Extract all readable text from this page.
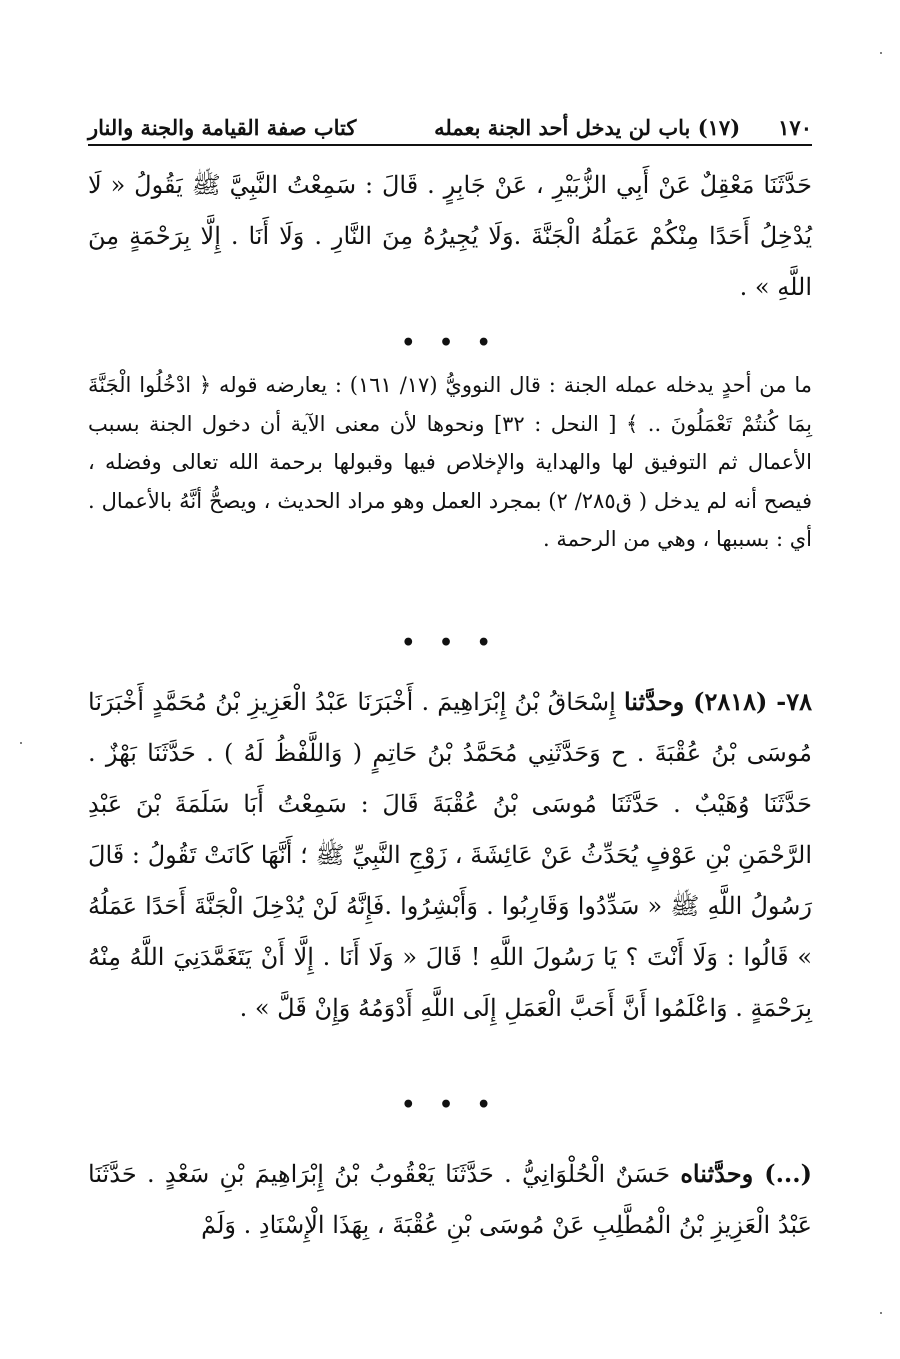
١٧٠
(١٧) باب لن يدخل أحد الجنة بعمله
كتاب صفة القيامة والجنة والنار
حَدَّثَنَا مَعْقِلٌ عَنْ أَبِي الزُّبَيْرِ ، عَنْ جَابِرٍ . قَالَ : سَمِعْتُ النَّبِيَّ ﷺ يَقُولُ « لَا يُدْخِلُ أَحَدًا مِنْكُمْ عَمَلُهُ الْجَنَّةَ .وَلَا يُجِيرُهُ مِنَ النَّارِ . وَلَا أَنَا . إِلَّا بِرَحْمَةٍ مِنَ اللَّهِ » .
• • •
ما من أحدٍ يدخله عمله الجنة : قال النوويُّ (١٧/ ١٦١) : يعارضه قوله ﴿ ادْخُلُوا الْجَنَّةَ بِمَا كُنتُمْ تَعْمَلُونَ .. ﴾ [ النحل : ٣٢] ونحوها لأن معنى الآية أن دخول الجنة بسبب الأعمال ثم التوفيق لها والهداية والإخلاص فيها وقبولها برحمة الله تعالى وفضله ، فيصح أنه لم يدخل ( ق٢٨٥/ ٢) بمجرد العمل وهو مراد الحديث ، ويصحُّ أنَّهُ بالأعمال . أي : بسببها ، وهي من الرحمة .
• • •
٧٨- (٢٨١٨) وحدَّثنا إِسْحَاقُ بْنُ إِبْرَاهِيمَ . أَخْبَرَنَا عَبْدُ الْعَزِيزِ بْنُ مُحَمَّدٍ أَخْبَرَنَا مُوسَى بْنُ عُقْبَةَ . ح وَحَدَّثَنِي مُحَمَّدُ بْنُ حَاتِمٍ ( وَاللَّفْظُ لَهُ ) . حَدَّثَنَا بَهْزٌ . حَدَّثَنَا وُهَيْبٌ . حَدَّثَنَا مُوسَى بْنُ عُقْبَةَ قَالَ : سَمِعْتُ أَبَا سَلَمَةَ بْنَ عَبْدِ الرَّحْمَنِ بْنِ عَوْفٍ يُحَدِّثُ عَنْ عَائِشَةَ ، زَوْجِ النَّبِيِّ ﷺ ؛ أَنَّهَا كَانَتْ تَقُولُ : قَالَ رَسُولُ اللَّهِ ﷺ « سَدِّدُوا وَقَارِبُوا . وَأَبْشِرُوا .فَإِنَّهُ لَنْ يُدْخِلَ الْجَنَّةَ أَحَدًا عَمَلُهُ » قَالُوا : وَلَا أَنْتَ ؟ يَا رَسُولَ اللَّهِ ! قَالَ « وَلَا أَنَا . إِلَّا أَنْ يَتَغَمَّدَنِيَ اللَّهُ مِنْهُ بِرَحْمَةٍ . وَاعْلَمُوا أَنَّ أَحَبَّ الْعَمَلِ إِلَى اللَّهِ أَدْوَمُهُ وَإِنْ قَلَّ » .
• • •
(...) وحدَّثناه حَسَنٌ الْحُلْوَانِيُّ . حَدَّثَنَا يَعْقُوبُ بْنُ إِبْرَاهِيمَ بْنِ سَعْدٍ . حَدَّثَنَا عَبْدُ الْعَزِيزِ بْنُ الْمُطَّلِبِ عَنْ مُوسَى بْنِ عُقْبَةَ ، بِهَذَا الْإِسْنَادِ . وَلَمْ
